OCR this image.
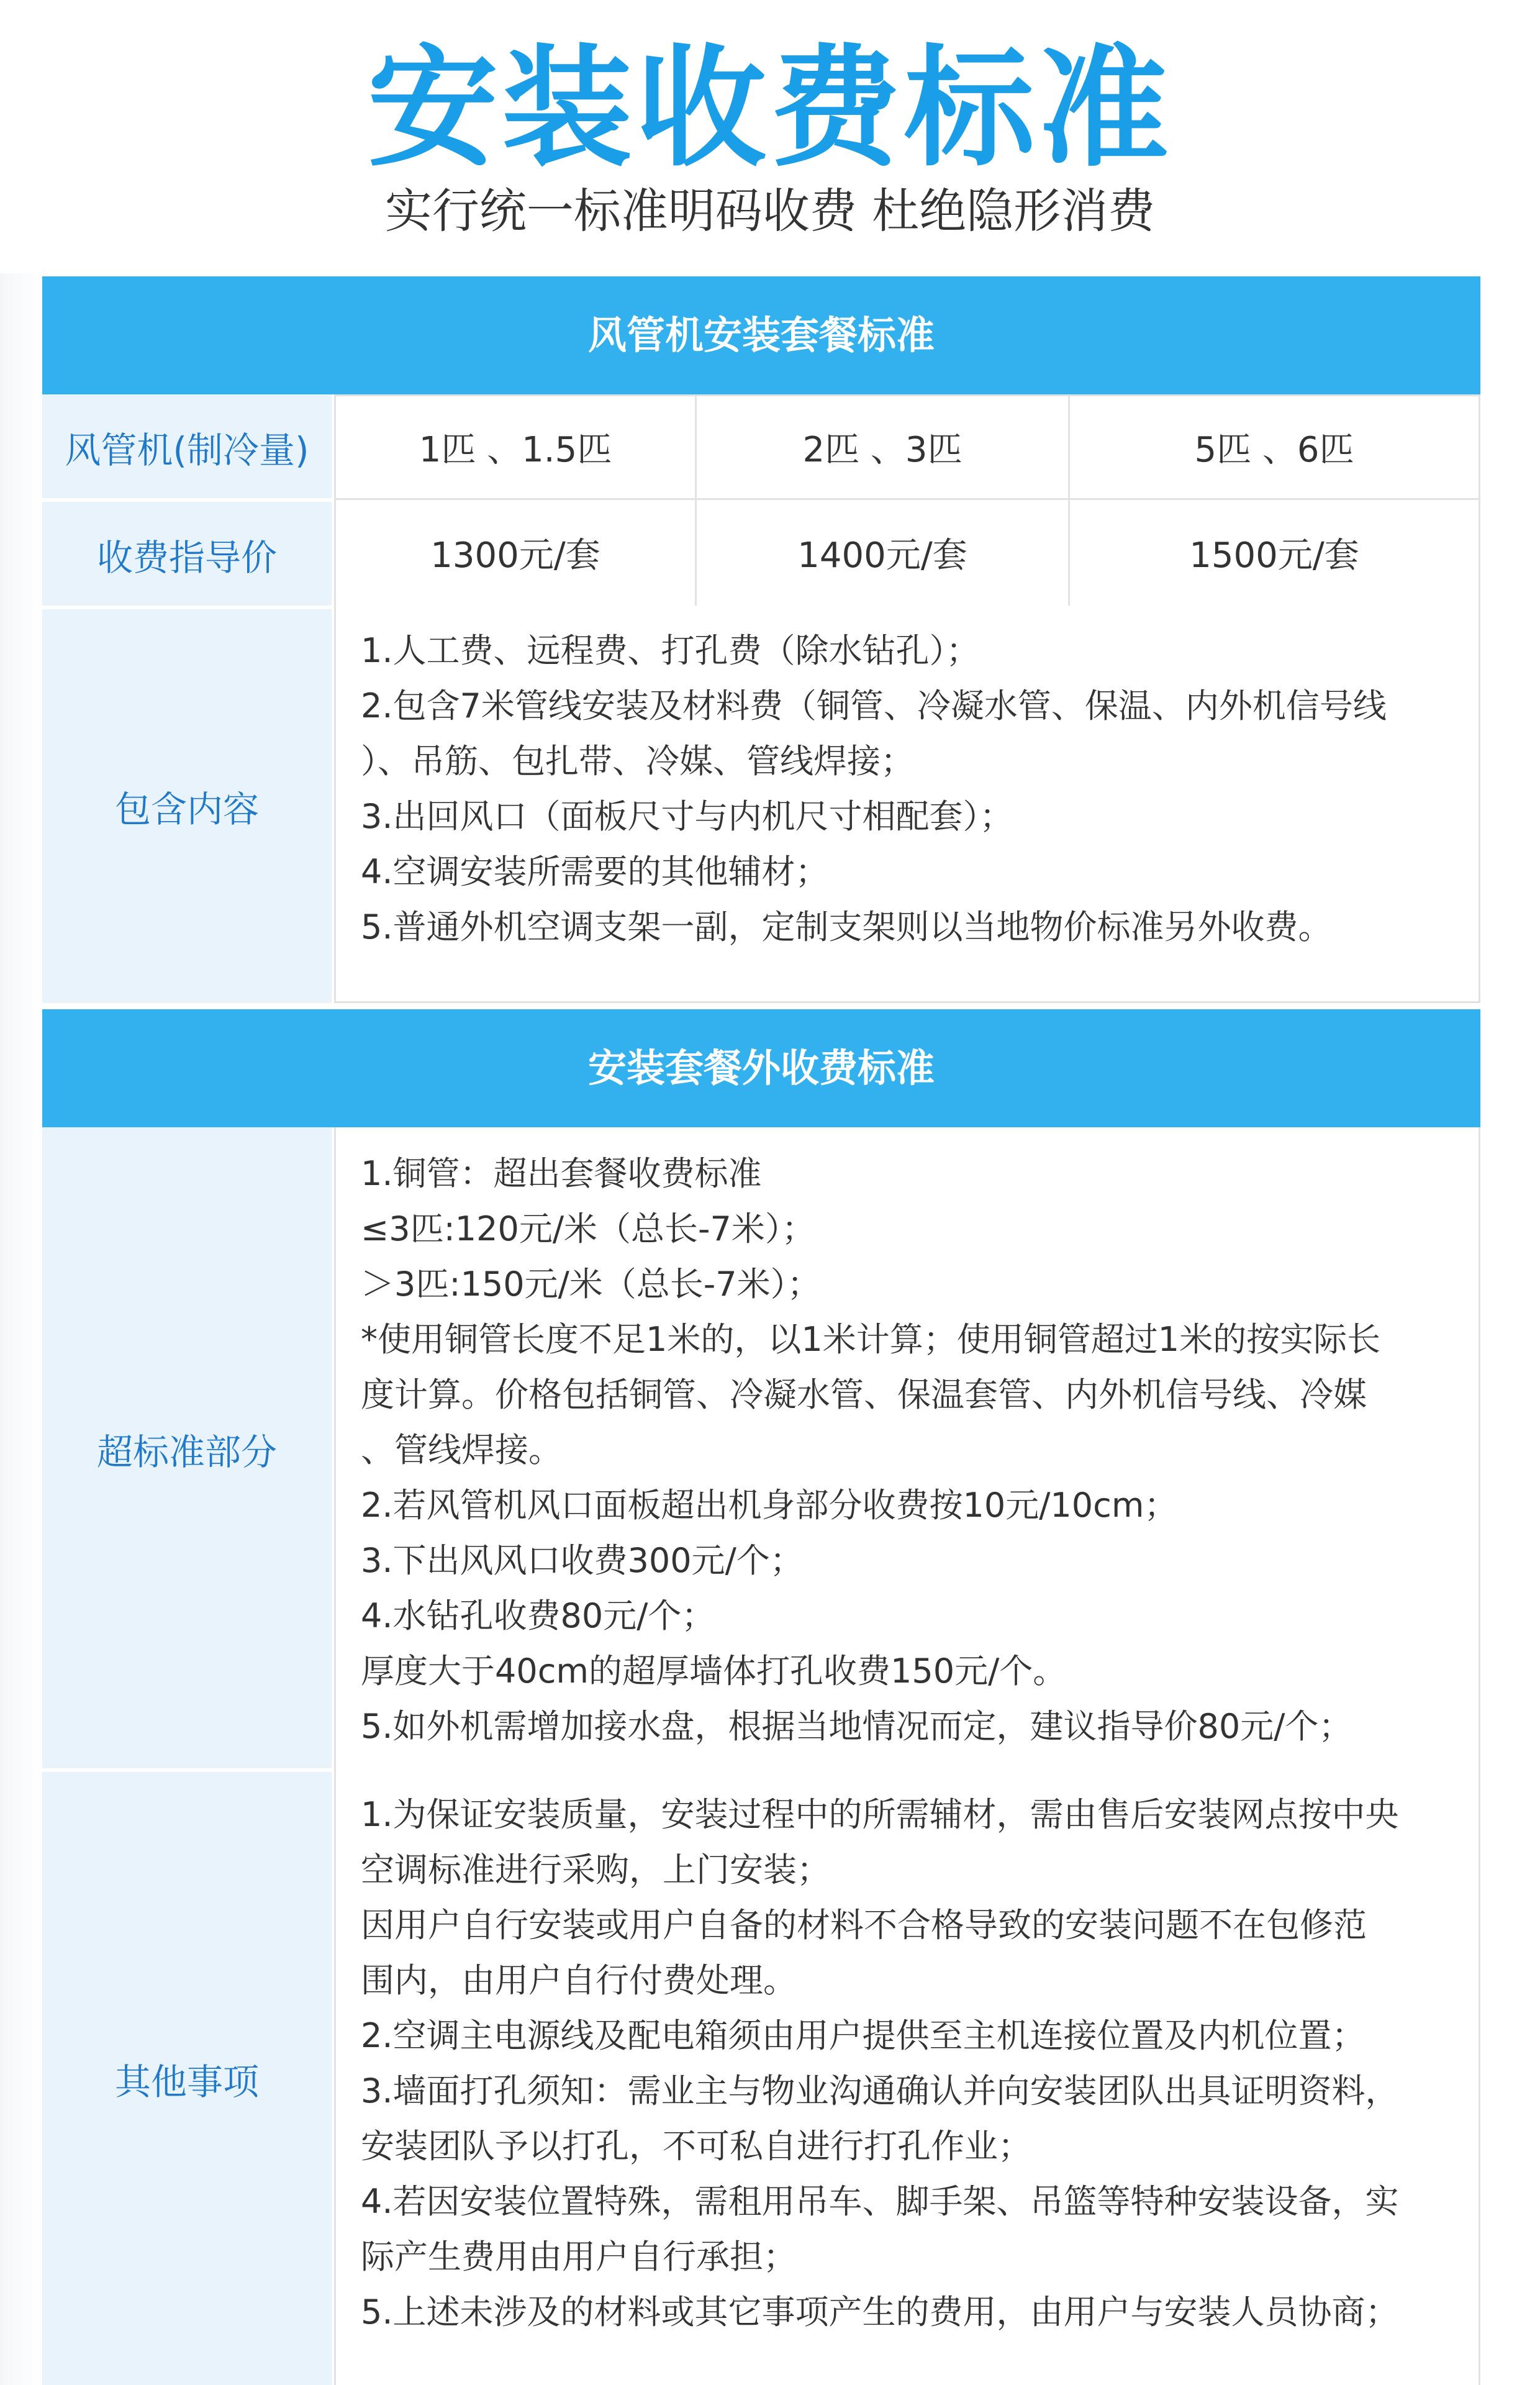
安装收费标准
实行统一标准明码收费 杜绝隐形消费
风管机安装套餐标准
风管机(制冷量)	1匹 、1.5匹	2匹 、3匹	5匹 、6匹
收费指导价	1300元/套	1400元/套	1500元/套
包含内容
1.人工费、远程费、打孔费（除水钻孔）；
2.包含7米管线安装及材料费（铜管、冷凝水管、保温、内外机信号线
）、吊筋、包扎带、冷媒、管线焊接；
3.出回风口（面板尺寸与内机尺寸相配套）；
4.空调安装所需要的其他辅材；
5.普通外机空调支架一副，定制支架则以当地物价标准另外收费。
安装套餐外收费标准
超标准部分
1.铜管：超出套餐收费标准
≤3匹:120元/米（总长-7米）；
＞3匹:150元/米（总长-7米）；
*使用铜管长度不足1米的，以1米计算；使用铜管超过1米的按实际长
度计算。价格包括铜管、冷凝水管、保温套管、内外机信号线、冷媒
、管线焊接。
2.若风管机风口面板超出机身部分收费按10元/10cm；
3.下出风风口收费300元/个；
4.水钻孔收费80元/个；
厚度大于40cm的超厚墙体打孔收费150元/个。
5.如外机需增加接水盘，根据当地情况而定，建议指导价80元/个；
其他事项
1.为保证安装质量，安装过程中的所需辅材，需由售后安装网点按中央
空调标准进行采购，上门安装；
因用户自行安装或用户自备的材料不合格导致的安装问题不在包修范
围内，由用户自行付费处理。
2.空调主电源线及配电箱须由用户提供至主机连接位置及内机位置；
3.墙面打孔须知：需业主与物业沟通确认并向安装团队出具证明资料，
安装团队予以打孔，不可私自进行打孔作业；
4.若因安装位置特殊，需租用吊车、脚手架、吊篮等特种安装设备，实
际产生费用由用户自行承担；
5.上述未涉及的材料或其它事项产生的费用，由用户与安装人员协商；
